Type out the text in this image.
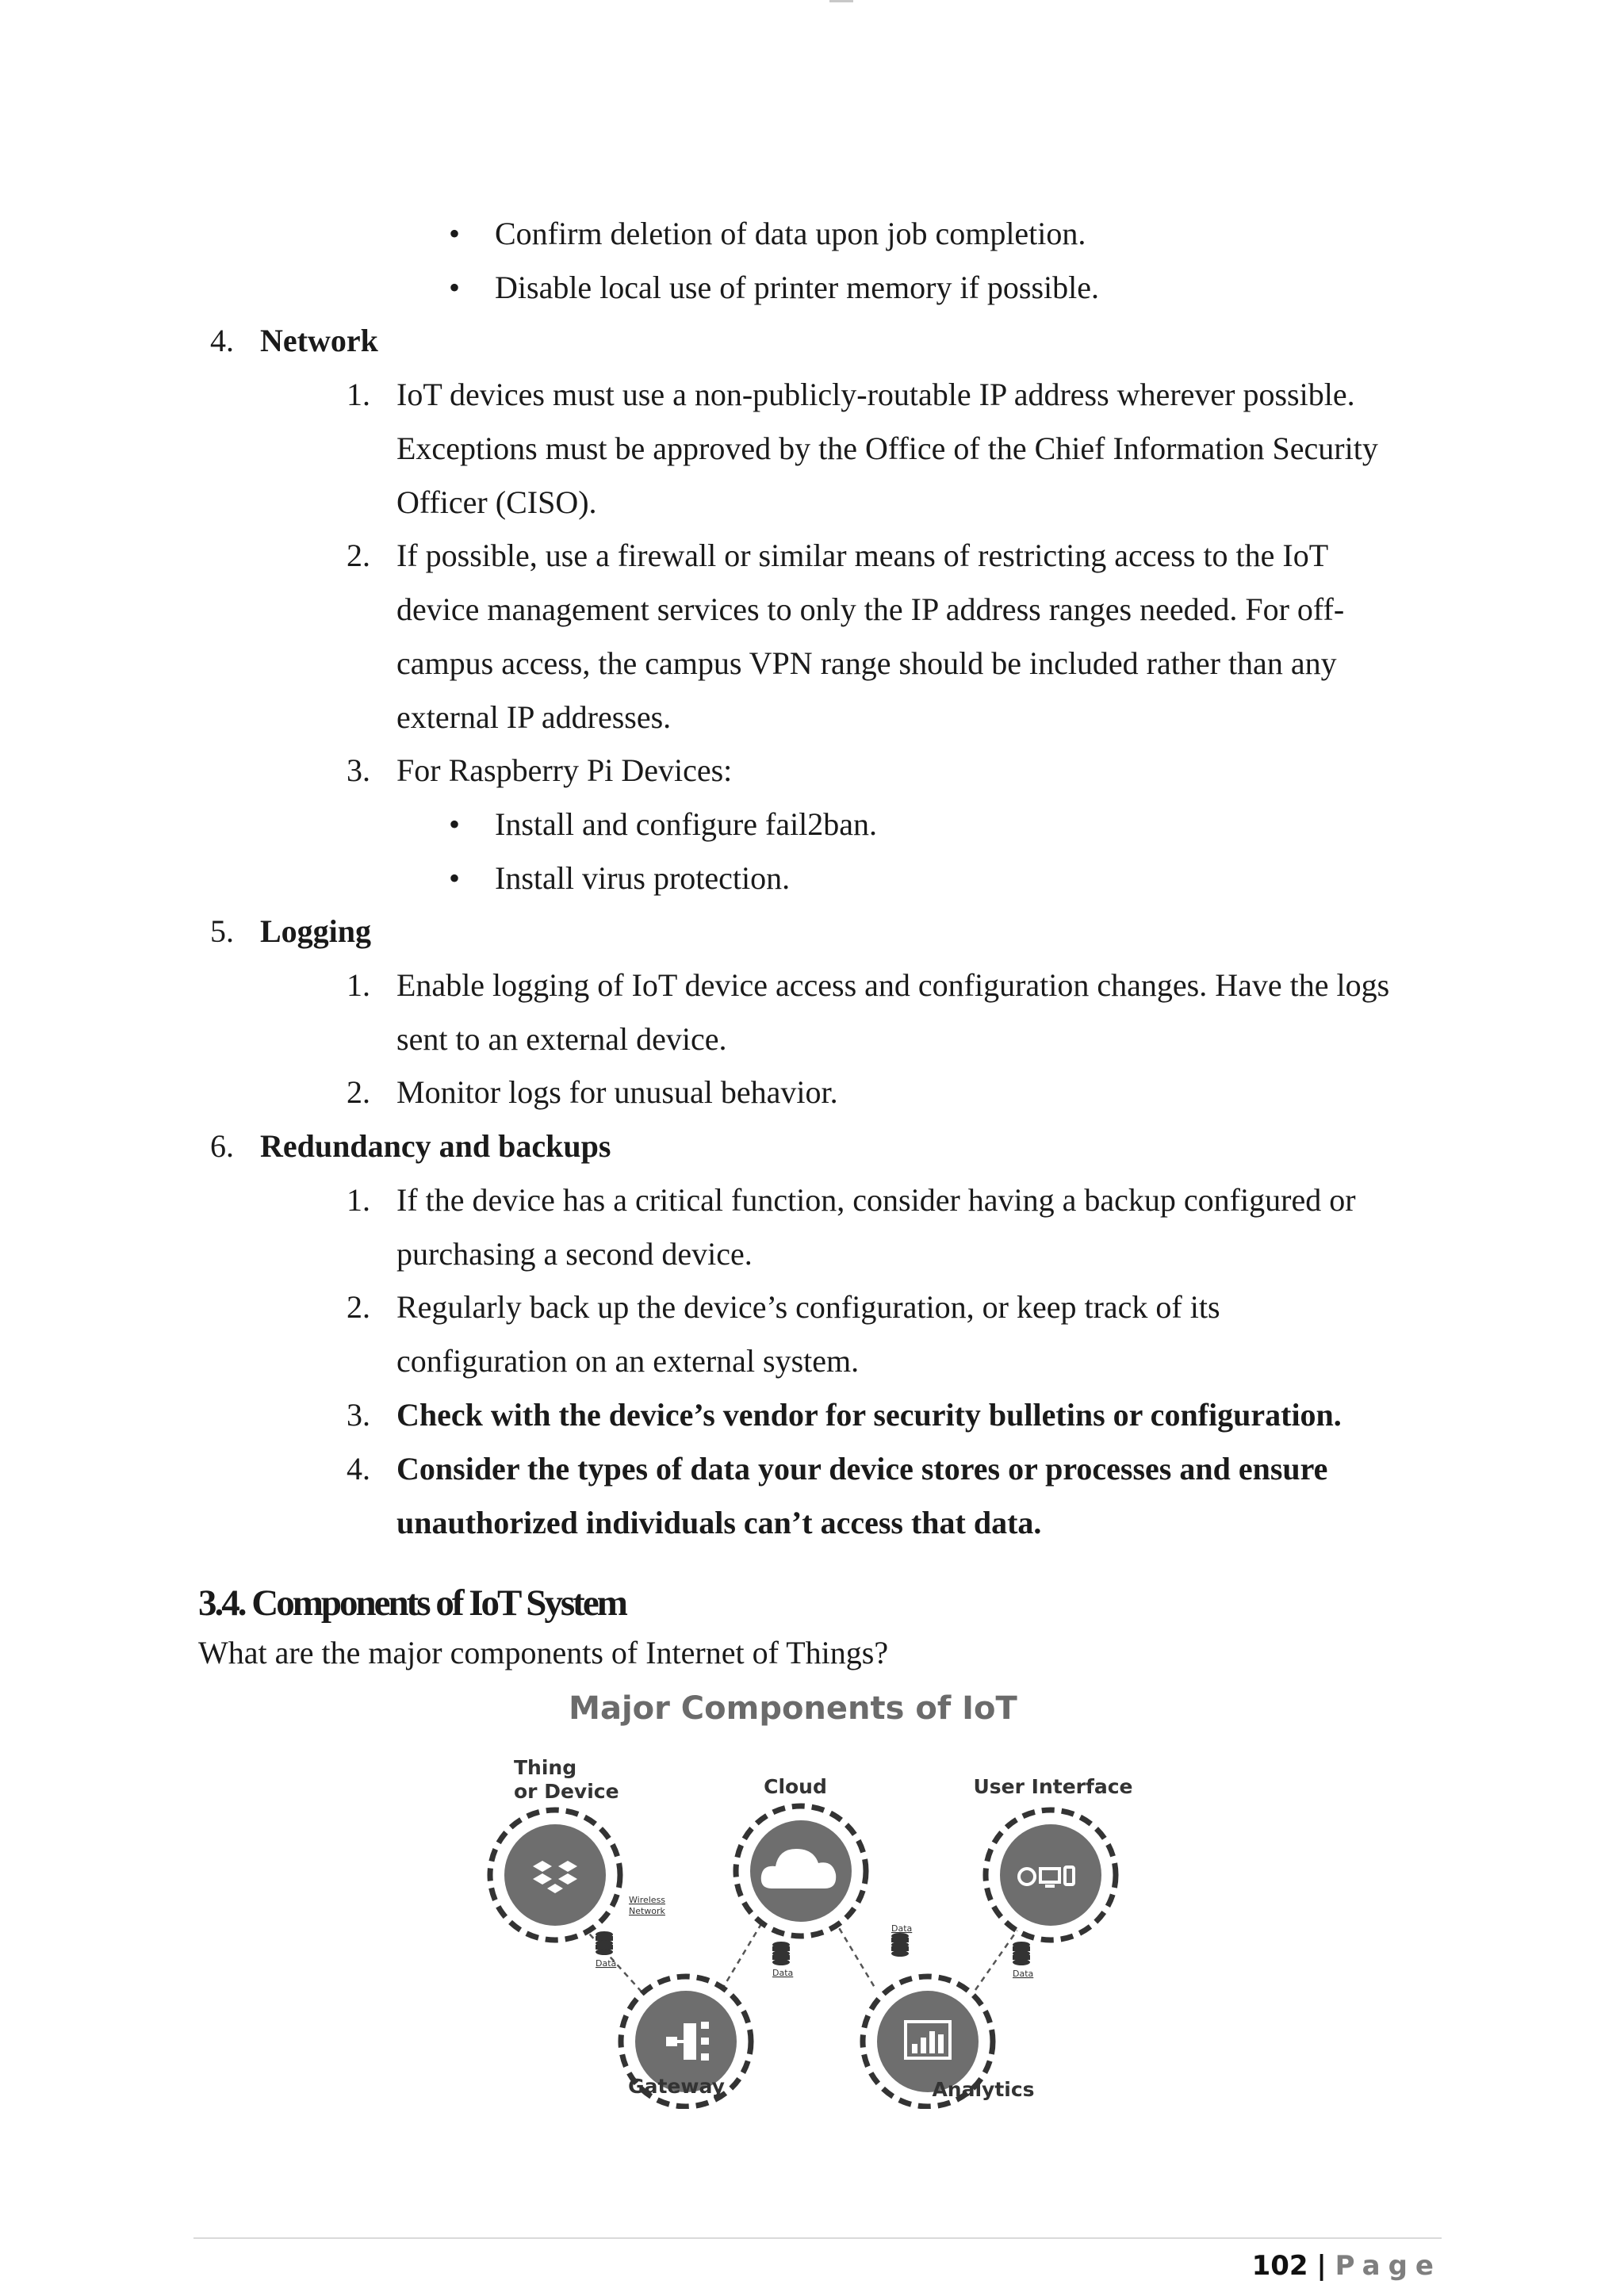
• Confirm deletion of data upon job completion.
• Disable local use of printer memory if possible.
4. Network
1. IoT devices must use a non-publicly-routable IP address wherever possible.
Exceptions must be approved by the Office of the Chief Information Security
Officer (CISO).
2. If possible, use a firewall or similar means of restricting access to the IoT
device management services to only the IP address ranges needed. For off-
campus access, the campus VPN range should be included rather than any
external IP addresses.
3. For Raspberry Pi Devices:
• Install and configure fail2ban.
• Install virus protection.
5. Logging
1. Enable logging of IoT device access and configuration changes. Have the logs
sent to an external device.
2. Monitor logs for unusual behavior.
6. Redundancy and backups
1. If the device has a critical function, consider having a backup configured or
purchasing a second device.
2. Regularly back up the device’s configuration, or keep track of its
configuration on an external system.
3. Check with the device’s vendor for security bulletins or configuration.
4. Consider the types of data your device stores or processes and ensure
unauthorized individuals can’t access that data.
3.4. Components of IoT System
What are the major components of Internet of Things?
Major Components of IoT
Thing
or Device	Cloud	User Interface
Gateway	Analytics
Wireless
Network
Data
Data
Data
Data
102 | Page
